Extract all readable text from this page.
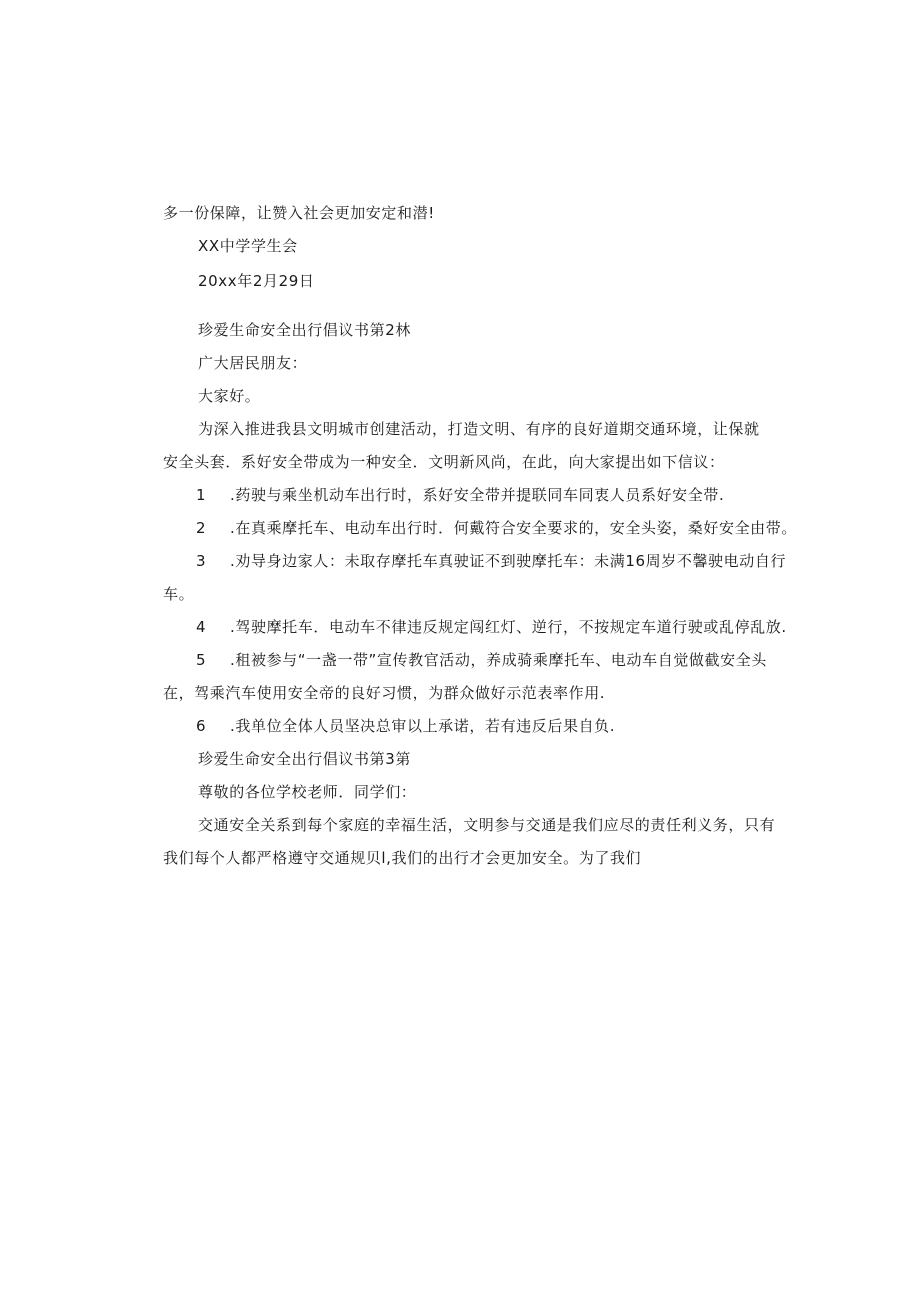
多一份保障，让赞入社会更加安定和潜!
XX中学学生会
20xx年2月29日
珍爱生命安全出行倡议书第2林
广大居民朋友：
大家好。
为深入推进我县文明城市创建活动，打造文明、有序的良好道期交通环境，让保就
安全头套．系好安全带成为一种安全．文明新风尚，在此，向大家提出如下信议：
1 .药驶与乘坐机动车出行时，系好安全带并提联同车同衷人员系好安全带.
2 .在真乘摩托车、电动车出行时．何戴符合安全要求的，安全头姿，桑好安全由带。
3 .劝导身边家人：未取存摩托车真驶证不到驶摩托车：未满16周岁不馨驶电动自行
车。
4 .驾驶摩托车．电动车不律违反规定闯红灯、逆行，不按规定车道行驶或乱停乱放.
5 .租被参与“一盏一带”宣传教官活动，养成骑乘摩托车、电动车自觉做截安全头
在，驾乘汽车使用安全帝的良好习惯，为群众做好示范表率作用.
6 .我单位全体人员坚决总审以上承诺，若有违反后果自负.
珍爱生命安全出行倡议书第3第
尊敬的各位学校老师．同学们：
交通安全关系到每个家庭的幸福生活，文明参与交通是我们应尽的责任利义务，只有
我们每个人都严格遵守交通规贝l,我们的出行才会更加安全。为了我们
